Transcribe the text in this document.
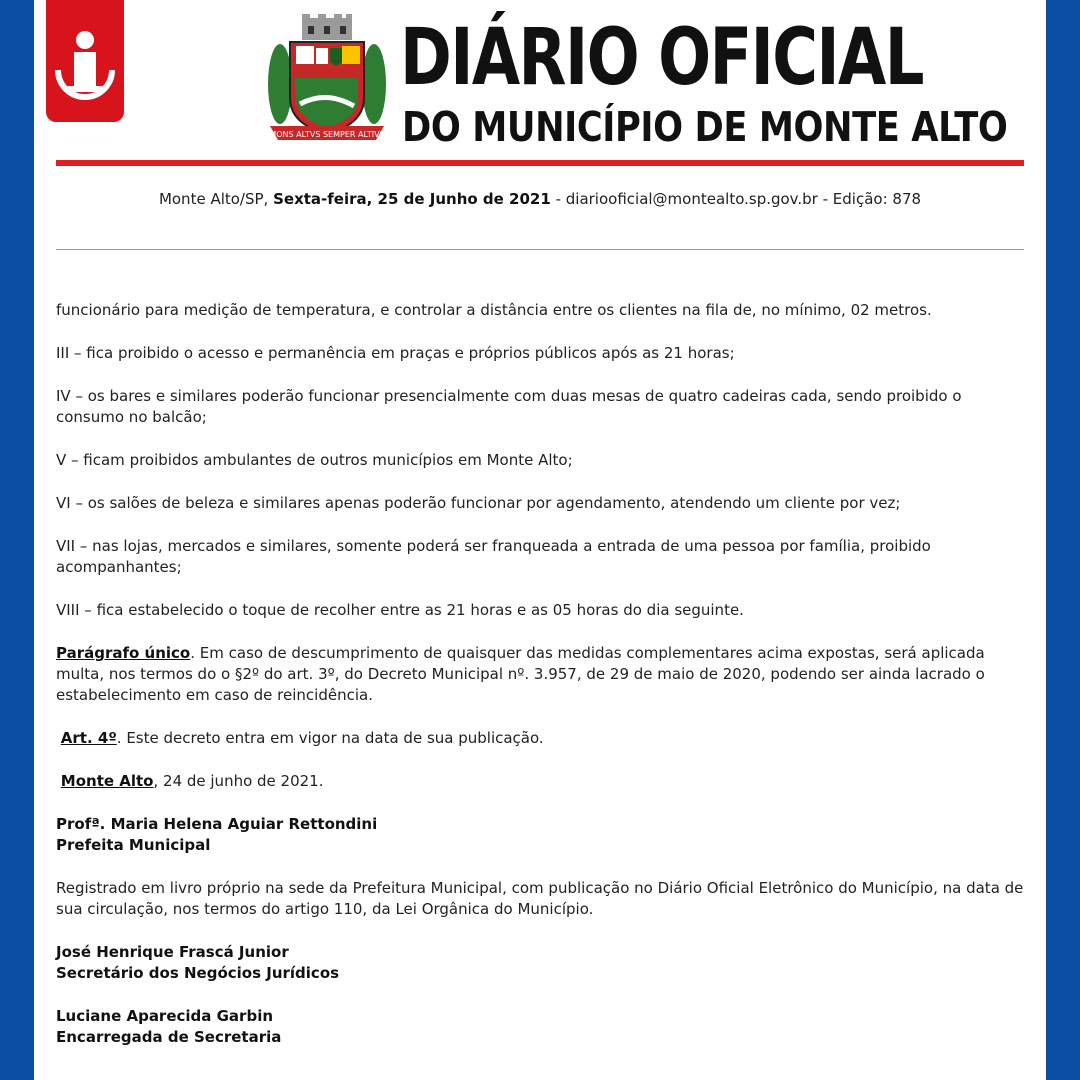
MONS ALTVS SEMPER ALTIVS
DIÁRIO OFICIAL
DO MUNICÍPIO DE MONTE ALTO
Monte Alto/SP, Sexta-feira, 25 de Junho de 2021 - diariooficial@montealto.sp.gov.br - Edição: 878

funcionário para medição de temperatura, e controlar a distância entre os clientes na fila de, no mínimo, 02 metros.

III – fica proibido o acesso e permanência em praças e próprios públicos após as 21 horas;

IV – os bares e similares poderão funcionar presencialmente com duas mesas de quatro cadeiras cada, sendo proibido o consumo no balcão;

V – ficam proibidos ambulantes de outros municípios em Monte Alto;

VI – os salões de beleza e similares apenas poderão funcionar por agendamento, atendendo um cliente por vez;

VII – nas lojas, mercados e similares, somente poderá ser franqueada a entrada de uma pessoa por família, proibido acompanhantes;

VIII – fica estabelecido o toque de recolher entre as 21 horas e as 05 horas do dia seguinte.

Parágrafo único. Em caso de descumprimento de quaisquer das medidas complementares acima expostas, será aplicada multa, nos termos do o §2º do art. 3º, do Decreto Municipal nº. 3.957, de 29 de maio de 2020, podendo ser ainda lacrado o estabelecimento em caso de reincidência.

Art. 4º. Este decreto entra em vigor na data de sua publicação.

Monte Alto, 24 de junho de 2021.

Profª. Maria Helena Aguiar Rettondini
Prefeita Municipal

Registrado em livro próprio na sede da Prefeitura Municipal, com publicação no Diário Oficial Eletrônico do Município, na data de sua circulação, nos termos do artigo 110, da Lei Orgânica do Município.

José Henrique Frascá Junior
Secretário dos Negócios Jurídicos
Luciane Aparecida Garbin
Encarregada de Secretaria
